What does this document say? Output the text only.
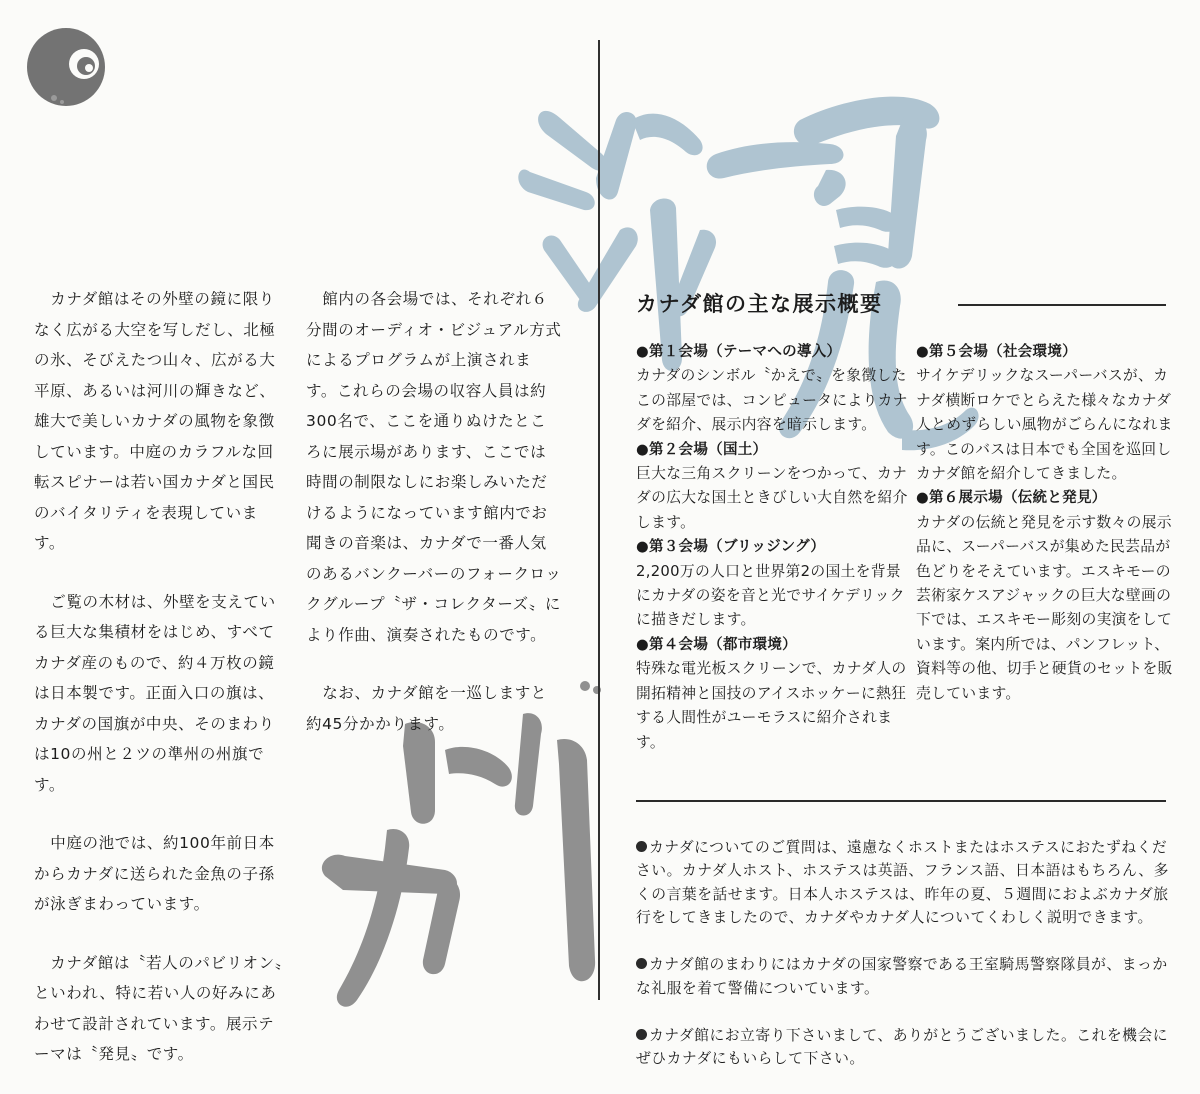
カナダ館はその外壁の鏡に限りなく広がる大空を写しだし、北極の氷、そびえたつ山々、広がる大平原、あるいは河川の輝きなど、雄大で美しいカナダの風物を象徴しています。中庭のカラフルな回転スピナーは若い国カナダと国民のバイタリティを表現しています。

ご覧の木材は、外壁を支えている巨大な集積材をはじめ、すべてカナダ産のもので、約４万枚の鏡は日本製です。正面入口の旗は、カナダの国旗が中央、そのまわりは10の州と２ツの準州の州旗です。

中庭の池では、約100年前日本からカナダに送られた金魚の子孫が泳ぎまわっています。

カナダ館は〝若人のパビリオン〟といわれ、特に若い人の好みにあわせて設計されています。展示テーマは〝発見〟です。

館内の各会場では、それぞれ６分間のオーディオ・ビジュアル方式によるプログラムが上演されます。これらの会場の収容人員は約300名で、ここを通りぬけたところに展示場があります、ここでは時間の制限なしにお楽しみいただけるようになっています館内でお聞きの音楽は、カナダで一番人気のあるバンクーバーのフォークロックグループ〝ザ・コレクターズ〟により作曲、演奏されたものです。

なお、カナダ館を一巡しますと約45分かかります。

カナダ館の主な展示概要
●第１会場（テーマへの導入）
カナダのシンボル〝かえで〟を象徴したこの部屋では、コンピュータによりカナダを紹介、展示内容を暗示します。
●第２会場（国土）
巨大な三角スクリーンをつかって、カナダの広大な国土ときびしい大自然を紹介します。
●第３会場（ブリッジング）
2,200万の人口と世界第2の国土を背景にカナダの姿を音と光でサイケデリックに描きだします。
●第４会場（都市環境）
特殊な電光板スクリーンで、カナダ人の開拓精神と国技のアイスホッケーに熱狂する人間性がユーモラスに紹介されます。
●第５会場（社会環境）
サイケデリックなスーパーバスが、カナダ横断ロケでとらえた様々なカナダ人とめずらしい風物がごらんになれます。このバスは日本でも全国を巡回しカナダ館を紹介してきました。
●第６展示場（伝統と発見）
カナダの伝統と発見を示す数々の展示品に、スーパーバスが集めた民芸品が色どりをそえています。エスキモーの芸術家ケスアジャックの巨大な壁画の下では、エスキモー彫刻の実演をしています。案内所では、パンフレット、資料等の他、切手と硬貨のセットを販売しています。

カナダについてのご質問は、遠慮なくホストまたはホステスにおたずねください。カナダ人ホスト、ホステスは英語、フランス語、日本語はもちろん、多くの言葉を話せます。日本人ホステスは、昨年の夏、５週間におよぶカナダ旅行をしてきましたので、カナダやカナダ人についてくわしく説明できます。

カナダ館のまわりにはカナダの国家警察である王室騎馬警察隊員が、まっかな礼服を着て警備についています。

カナダ館にお立寄り下さいまして、ありがとうございました。これを機会にぜひカナダにもいらして下さい。
